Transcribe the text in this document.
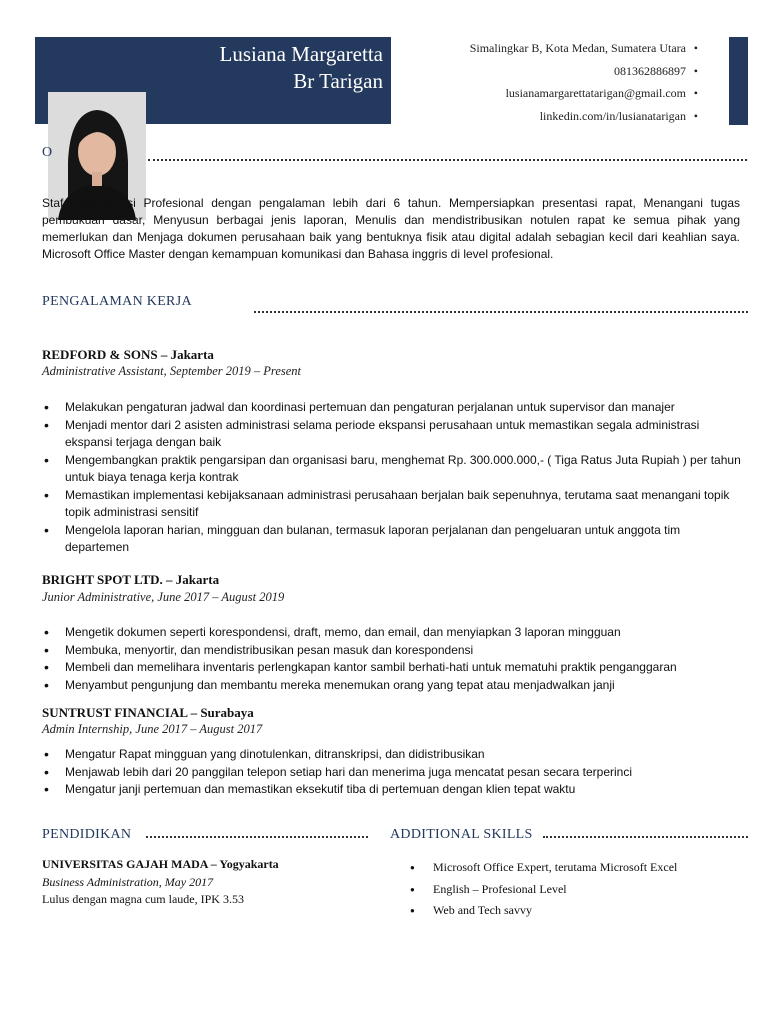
Lusiana Margaretta
Br Tarigan
Simalingkar B, Kota Medan, Sumatera Utara •
081362886897 •
lusianamargarettatarigan@gmail.com •
linkedin.com/in/lusianatarigan •
O
Staf Administrasi Profesional dengan pengalaman lebih dari 6 tahun. Mempersiapkan presentasi rapat, Menangani tugas pembukuan dasar, Menyusun berbagai jenis laporan, Menulis dan mendistribusikan notulen rapat ke semua pihak yang memerlukan dan Menjaga dokumen perusahaan baik yang bentuknya fisik atau digital adalah sebagian kecil dari keahlian saya. Microsoft Office Master dengan kemampuan komunikasi dan Bahasa inggris di level profesional.
PENGALAMAN KERJA
REDFORD & SONS – Jakarta
Administrative Assistant, September 2019 – Present
• Melakukan pengaturan jadwal dan koordinasi pertemuan dan pengaturan perjalanan untuk supervisor dan manajer
• Menjadi mentor dari 2 asisten administrasi selama periode ekspansi perusahaan untuk memastikan segala administrasi ekspansi terjaga dengan baik
• Mengembangkan praktik pengarsipan dan organisasi baru, menghemat Rp. 300.000.000,- ( Tiga Ratus Juta Rupiah ) per tahun untuk biaya tenaga kerja kontrak
• Memastikan implementasi kebijaksanaan administrasi perusahaan berjalan baik sepenuhnya, terutama saat menangani topik topik administrasi sensitif
• Mengelola laporan harian, mingguan dan bulanan, termasuk laporan perjalanan dan pengeluaran untuk anggota tim departemen
BRIGHT SPOT LTD. – Jakarta
Junior Administrative, June 2017 – August 2019
• Mengetik dokumen seperti korespondensi, draft, memo, dan email, dan menyiapkan 3 laporan mingguan
• Membuka, menyortir, dan mendistribusikan pesan masuk dan korespondensi
• Membeli dan memelihara inventaris perlengkapan kantor sambil berhati-hati untuk mematuhi praktik penganggaran
• Menyambut pengunjung dan membantu mereka menemukan orang yang tepat atau menjadwalkan janji
SUNTRUST FINANCIAL – Surabaya
Admin Internship, June 2017 – August 2017
• Mengatur Rapat mingguan yang dinotulenkan, ditranskripsi, dan didistribusikan
• Menjawab lebih dari 20 panggilan telepon setiap hari dan menerima juga mencatat pesan secara terperinci
• Mengatur janji pertemuan dan memastikan eksekutif tiba di pertemuan dengan klien tepat waktu
PENDIDIKAN
UNIVERSITAS GAJAH MADA – Yogyakarta
Business Administration, May 2017
Lulus dengan magna cum laude, IPK 3.53
ADDITIONAL SKILLS
● Microsoft Office Expert, terutama Microsoft Excel
● English – Profesional Level
● Web and Tech savvy
